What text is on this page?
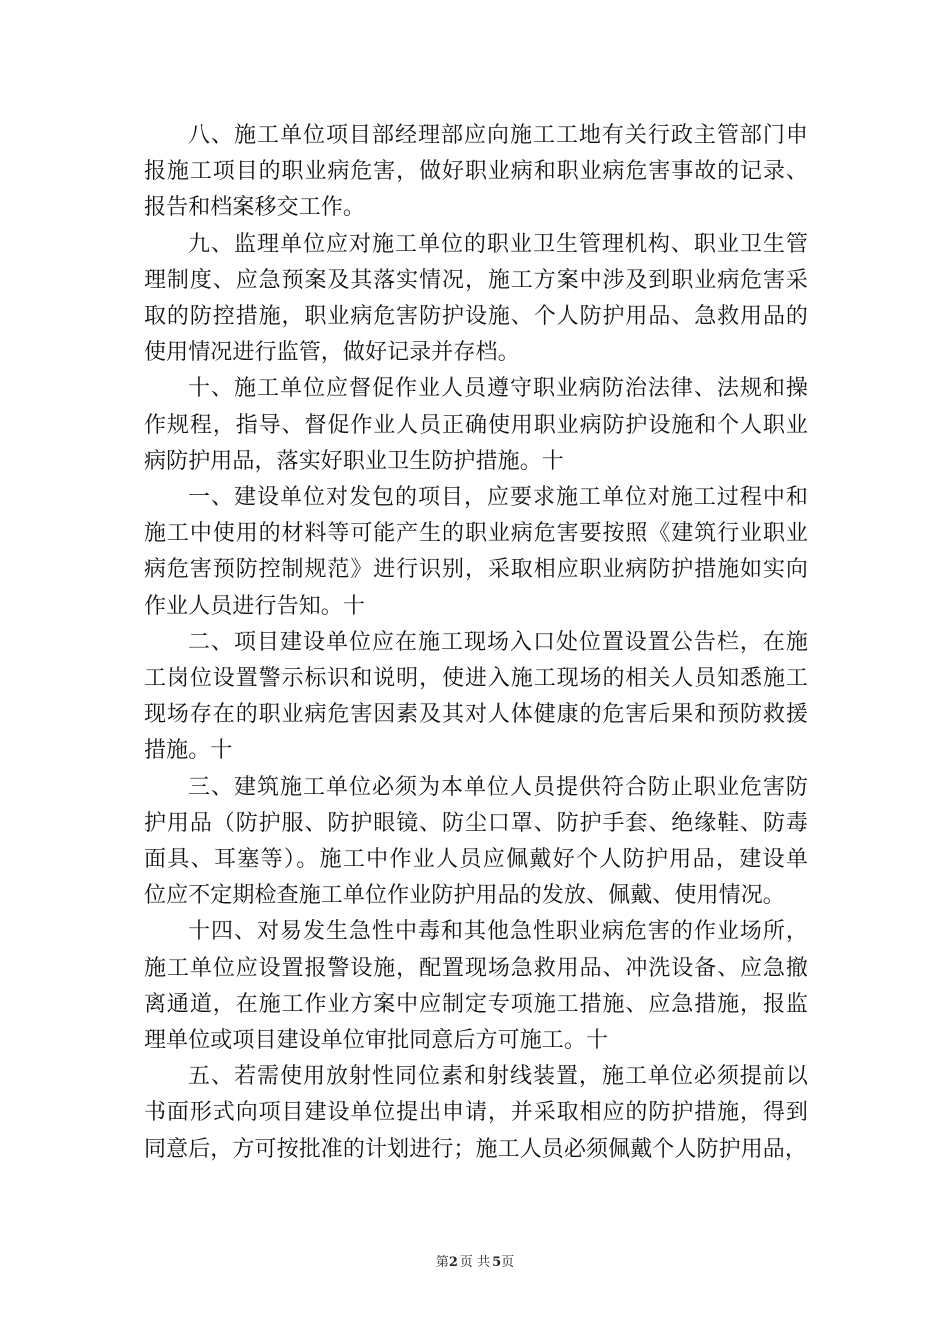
八、施工单位项目部经理部应向施工工地有关行政主管部门申
报施工项目的职业病危害，做好职业病和职业病危害事故的记录、
报告和档案移交工作。

九、监理单位应对施工单位的职业卫生管理机构、职业卫生管
理制度、应急预案及其落实情况，施工方案中涉及到职业病危害采
取的防控措施，职业病危害防护设施、个人防护用品、急救用品的
使用情况进行监管，做好记录并存档。

十、施工单位应督促作业人员遵守职业病防治法律、法规和操
作规程，指导、督促作业人员正确使用职业病防护设施和个人职业
病防护用品，落实好职业卫生防护措施。十

一、建设单位对发包的项目，应要求施工单位对施工过程中和
施工中使用的材料等可能产生的职业病危害要按照《建筑行业职业
病危害预防控制规范》进行识别，采取相应职业病防护措施如实向
作业人员进行告知。十

二、项目建设单位应在施工现场入口处位置设置公告栏，在施
工岗位设置警示标识和说明，使进入施工现场的相关人员知悉施工
现场存在的职业病危害因素及其对人体健康的危害后果和预防救援
措施。十

三、建筑施工单位必须为本单位人员提供符合防止职业危害防
护用品（防护服、防护眼镜、防尘口罩、防护手套、绝缘鞋、防毒
面具、耳塞等）。施工中作业人员应佩戴好个人防护用品，建设单
位应不定期检查施工单位作业防护用品的发放、佩戴、使用情况。

十四、对易发生急性中毒和其他急性职业病危害的作业场所，
施工单位应设置报警设施，配置现场急救用品、冲洗设备、应急撤
离通道，在施工作业方案中应制定专项施工措施、应急措施，报监
理单位或项目建设单位审批同意后方可施工。十

五、若需使用放射性同位素和射线装置，施工单位必须提前以
书面形式向项目建设单位提出申请，并采取相应的防护措施，得到
同意后，方可按批准的计划进行；施工人员必须佩戴个人防护用品，

第2 页 共 5页
